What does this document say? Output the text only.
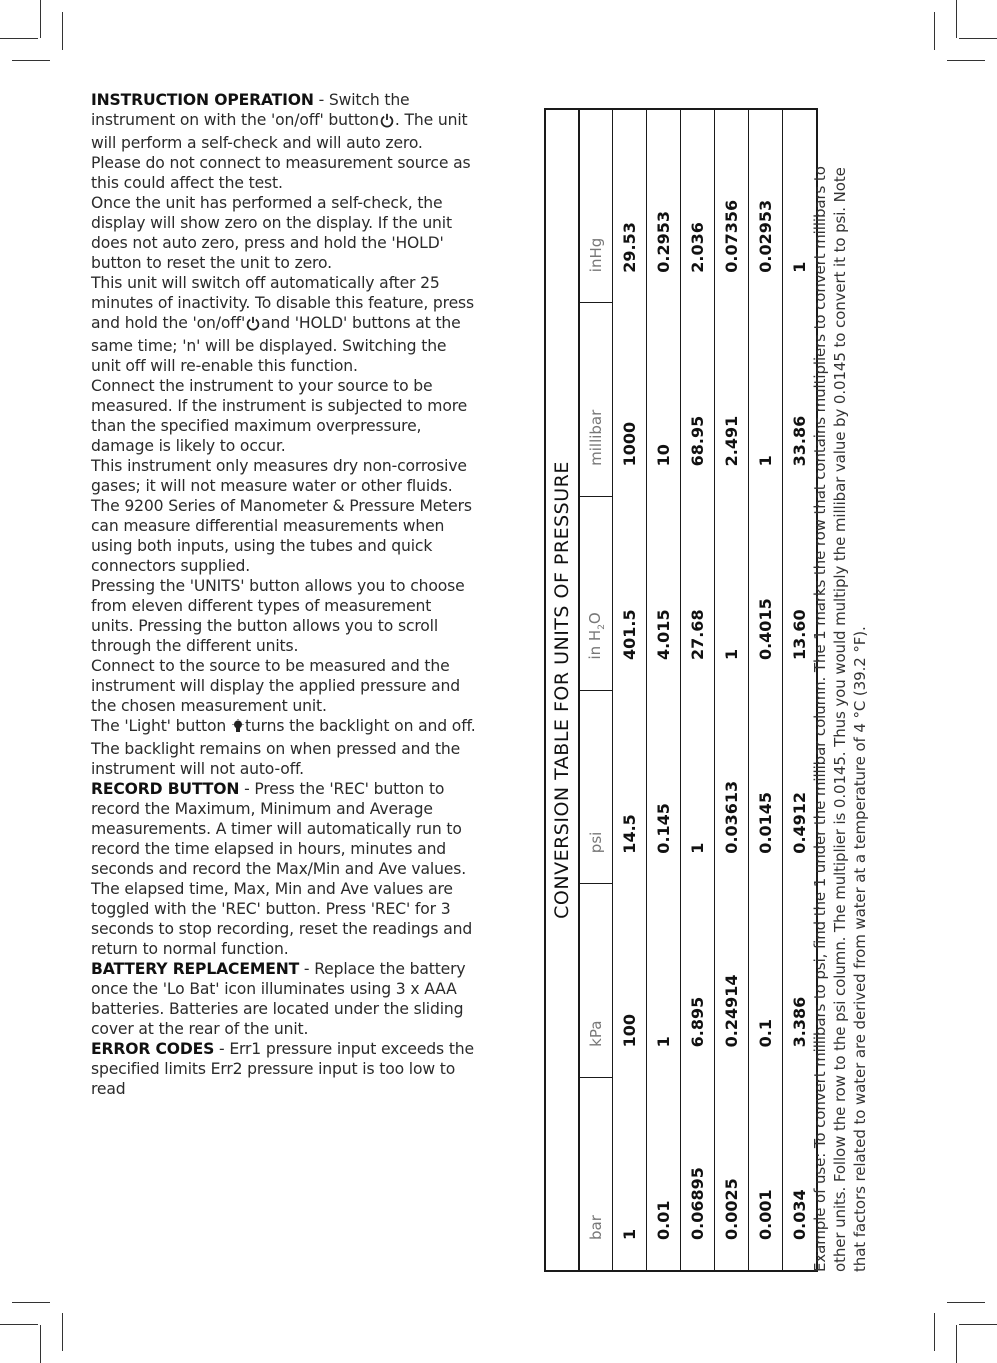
INSTRUCTION OPERATION - Switch the instrument on with the 'on/off' button . The unit will perform a self-check and will auto zero. Please do not connect to measurement source as this could affect the test.

Once the unit has performed a self-check, the display will show zero on the display. If the unit does not auto zero, press and hold the 'HOLD' button to reset the unit to zero.

This unit will switch off automatically after 25 minutes of inactivity. To disable this feature, press and hold the 'on/off' and 'HOLD' buttons at the same time; 'n' will be displayed. Switching the unit off will re-enable this function.

Connect the instrument to your source to be measured. If the instrument is subjected to more than the specified maximum overpressure, damage is likely to occur.

This instrument only measures dry non-corrosive gases; it will not measure water or other fluids.

The 9200 Series of Manometer & Pressure Meters can measure differential measurements when using both inputs, using the tubes and quick connectors supplied.

Pressing the 'UNITS' button allows you to choose from eleven different types of measurement units. Pressing the button allows you to scroll through the different units.

Connect to the source to be measured and the instrument will display the applied pressure and the chosen measurement unit.

The 'Light' button turns the backlight on and off. The backlight remains on when pressed and the instrument will not auto-off.

RECORD BUTTON - Press the 'REC' button to record the Maximum, Minimum and Average measurements. A timer will automatically run to record the time elapsed in hours, minutes and seconds and record the Max/Min and Ave values. The elapsed time, Max, Min and Ave values are toggled with the 'REC' button. Press 'REC' for 3 seconds to stop recording, reset the readings and return to normal function.

BATTERY REPLACEMENT - Replace the battery once the 'Lo Bat' icon illuminates using 3 x AAA batteries. Batteries are located under the sliding cover at the rear of the unit.

ERROR CODES - Err1 pressure input exceeds the specified limits Err2 pressure input is too low to read

CONVERSION TABLE FOR UNITS OF PRESSURE					
bar	kPa	psi	in $H_2O$	millibar	inHg
1	100	14.5	401.5	1000	29.53
0.01	1	0.145	4.015	10	0.2953
0.06895	6.895	1	27.68	68.95	2.036
0.0025	0.24914	0.03613	1	2.491	0.07356
0.001	0.1	0.0145	0.4015	1	0.02953
0.034	3.386	0.4912	13.60	33.86	1 Example of use: To convert millibars to psi, find the 1 under the millibar column. The 1 marks the row that contains multipliers to convert millibars to other units. Follow the row to the psi column. The multiplier is 0.0145. Thus you would multiply the millibar value by 0.0145 to convert it to psi. Note that factors related to water are derived from water at a temperature of 4 °C (39.2 °F).
